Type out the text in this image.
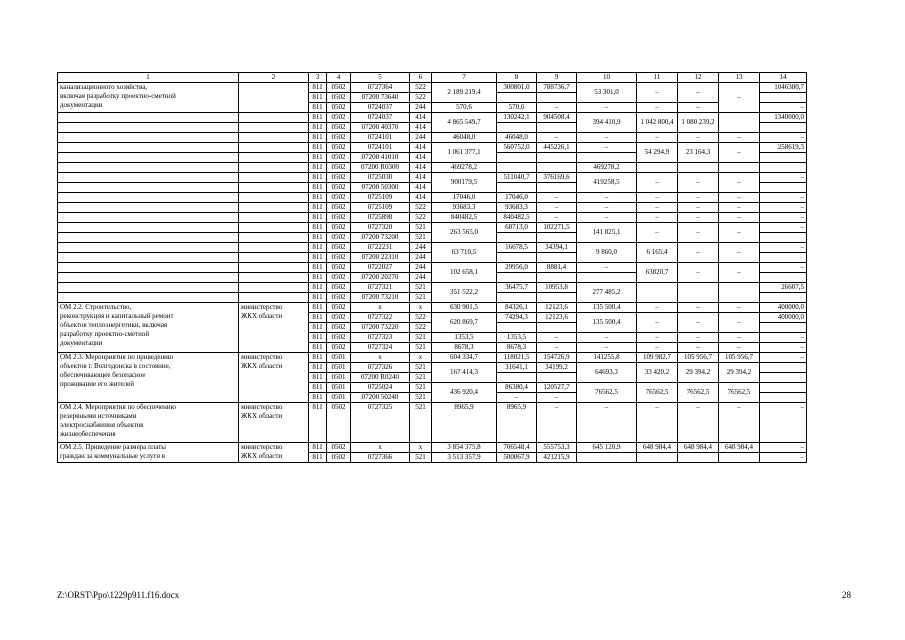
1	2	3	4	5	6	7	8	9	10	11	12	13	14
канализационного хозяйства,
включая разработку проектно-сметной
документации		811	0502	0727364	522	2 189 219,4	300801,0	788736,7	53 301,0	–	–	–	1046380,7
		811	0502	07200 73640	522								
		811	0502	0724037	244	570,6	570,6	–	–	–	–		–
		811	0502	0724037	414	4 865 549,7	130242,1	904508,4	394 410,9	1 042 800,4	1 080 239,2		1340000,0
		811	0502	07200 40370	414								
		811	0502	0724101	244	46048,0	46048,0	–	–	–	–	–	–
		811	0502	0724101	414	1 061 377,1	560752,0	445226,1	–	54 294,9	23 164,3	–	258619,3
		811	0502	07200 41010	414								
		811	0502	07200 R0300	414	469278,2			469278,2				
		811	0502	0725030	414	900179,5	511040,7	376169,6	419258,5	–	–	–	–
		811	0502	07200 50300	414								
		811	0502	0725109	414	17046,0	17046,0	–	–	–	–	–	–
		811	0502	0725109	522	93683,3	93683,3	–	–	–	–	–	–
		811	0502	0725898	522	840482,5	840482,5	–	–	–	–	–	–
		811	0502	0727320	521	263 565,0	68713,0	102271,5	141 825,1	–	–	–	–
		811	0502	07200 73200	521								
		811	0502	0722231	244	63 710,5	16678,5	34394,1	9 860,0	6 165,4	–	–	–
		811	0502	07200 22310	244								
		811	0502	0722027	244	102 658,1	29956,0	8881,4	–	63820,7	–	–	–
		811	0502	07200 20270	244								
		811	0502	0727321	521	351 522,2	36475,7	10953,8	277 485,2				26607,5
		811	0502	07200 73210	521								
ОМ 2.2. Строительство,
реконструкция и капитальный ремонт
объектов теплоэнергетики, включая
разработку проектно-сметной
документации	министерство
ЖКХ области	811	0502	х	х	630 901,5	84326,1	12123,6	135 500,4	–	–	–	400000,0
		811	0502	0727322	522	620 869,7	74294,3	12123,6	135 500,4	–	–	–	400000,0
		811	0502	07200 73220	522								
		811	0502	0727323	521	1353,5	1353,5	–	–	–	–	–	–
		811	0502	0727324	521	8678,3	8678,3	–	–	–	–	–	–
ОМ 2.3. Мероприятия по приведению
объектов г. Волгодонска в состояние,
обеспечивающее безопасное
проживание его жителей	министерство
ЖКХ области	811	0501	х	х	604 334,7	118021,5	154726,9	141255,8	109 982,7	105 956,7	105 956,7	–
		811	0501	0727326	521	167 414,3	31641,1	34199,2	64693,3	33 420,2	29 394,2	29 394,2	
		811	0501	07200 R0240	521								
		811	0501	0725024	521	436 920,4	86380,4	120527,7	76562,5	76562,5	76562,5	76562,5	
		811	0501	07200 50240	521		–	–					
ОМ 2.4. Мероприятия по обеспечению
резервными источниками
электроснабжения объектов
жизнеобеспечения	министерство
ЖКХ области	811	0502	0727325	521	8965,9	8965,9	–	–	–	–	–	–
ОМ 2.5. Приведение размера платы
граждан за коммунальные услуги в	министерство
ЖКХ области	811	0502	х	х	3 854 375,8	706548,4	555753,3	645 120,9	648 984,4	648 984,4	648 984,4	–
		811	0502	0727366	521	3 513 357,9	500067,9	421215,9					–
Z:\ORST\Ppo\1229p911.f16.docx	28
